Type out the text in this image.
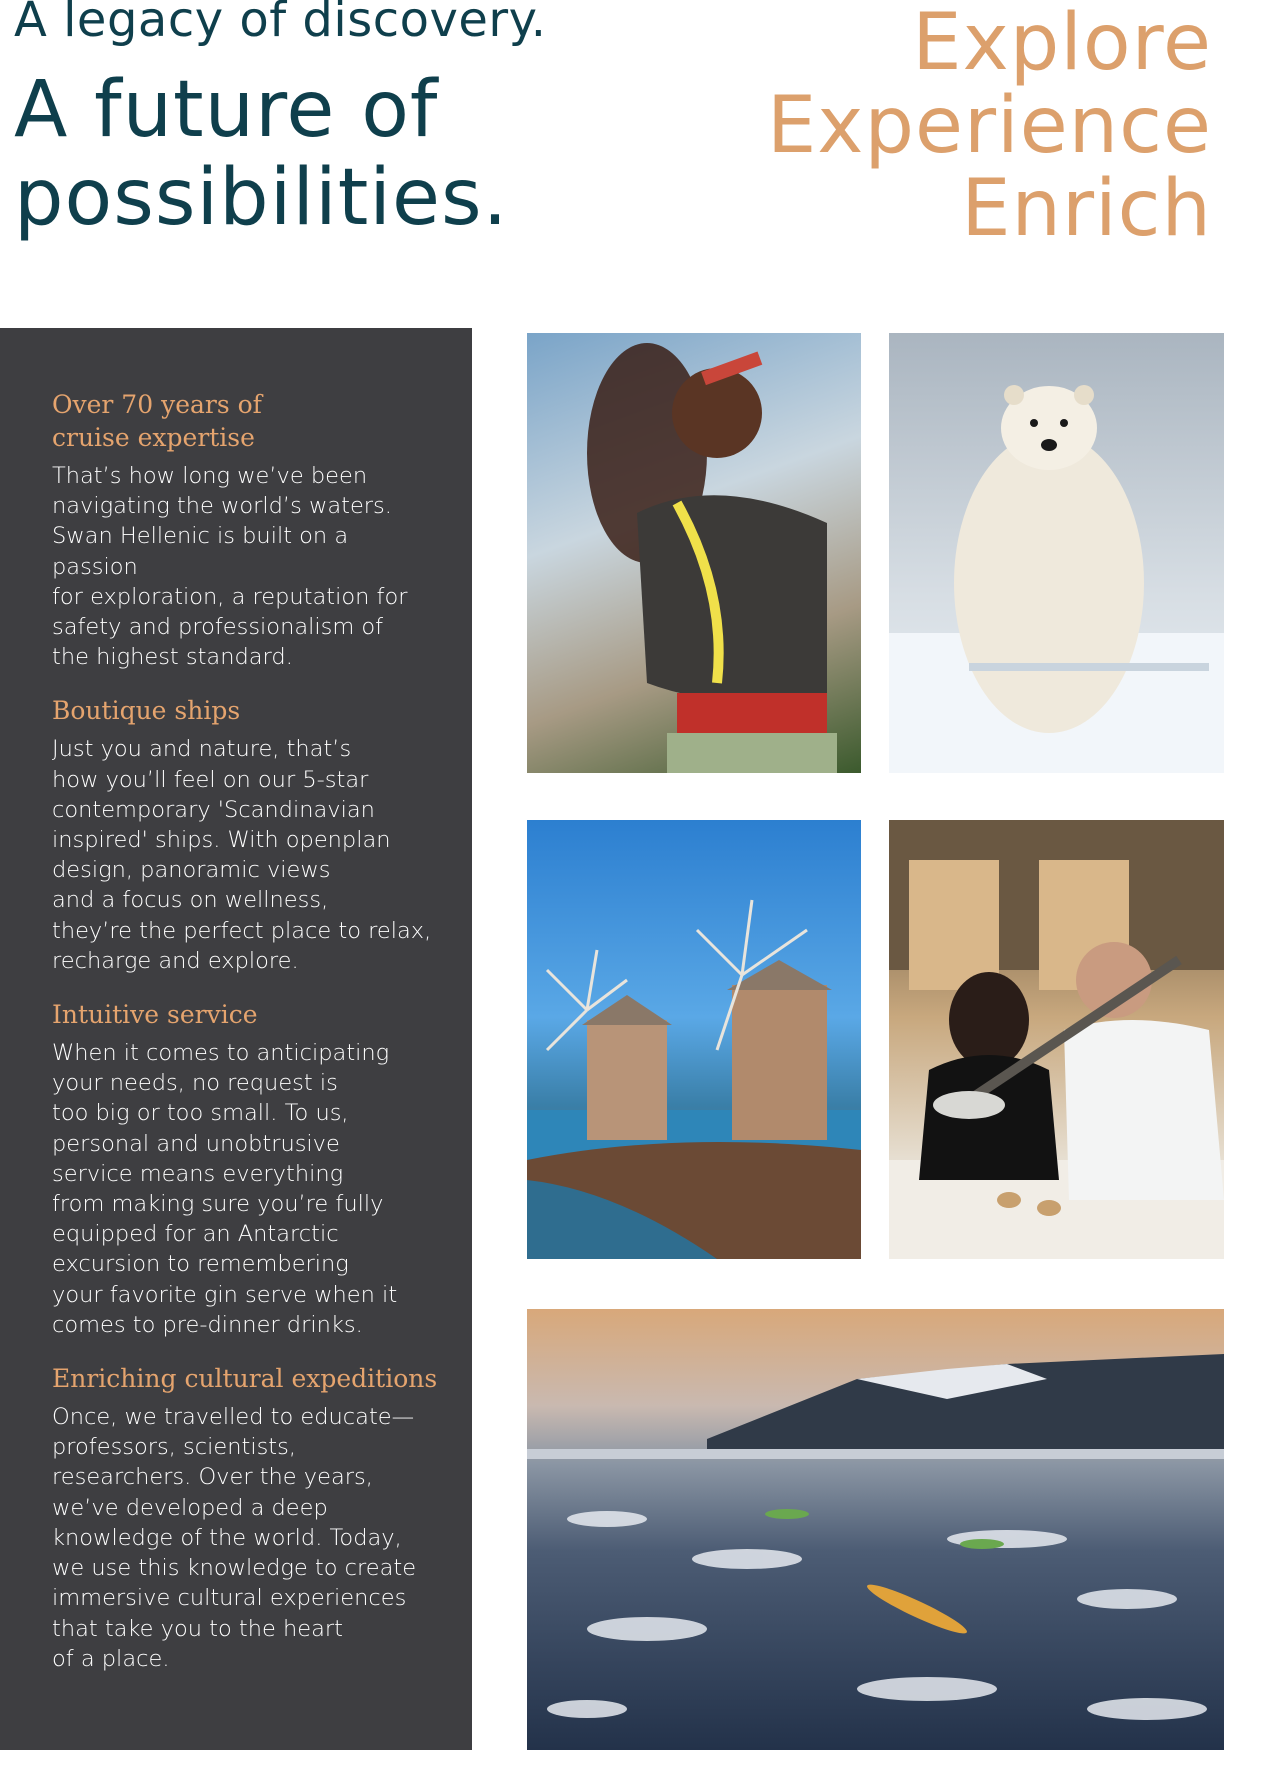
A legacy of discovery.
A future of
possibilities.
Explore
Experience
Enrich
Over 70 years of
cruise expertise

That’s how long we’ve been
navigating the world’s waters.
Swan Hellenic is built on a passion
for exploration, a reputation for
safety and professionalism of
the highest standard.

Boutique ships

Just you and nature, that’s
how you’ll feel on our 5-star
contemporary 'Scandinavian
inspired' ships. With openplan
design, panoramic views
and a focus on wellness,
they’re the perfect place to relax,
recharge and explore.

Intuitive service

When it comes to anticipating
your needs, no request is
too big or too small. To us,
personal and unobtrusive
service means everything
from making sure you’re fully
equipped for an Antarctic
excursion to remembering
your favorite gin serve when it
comes to pre-dinner drinks.

Enriching cultural expeditions

Once, we travelled to educate—
professors, scientists,
researchers. Over the years,
we’ve developed a deep
knowledge of the world. Today,
we use this knowledge to create
immersive cultural experiences
that take you to the heart
of a place.
